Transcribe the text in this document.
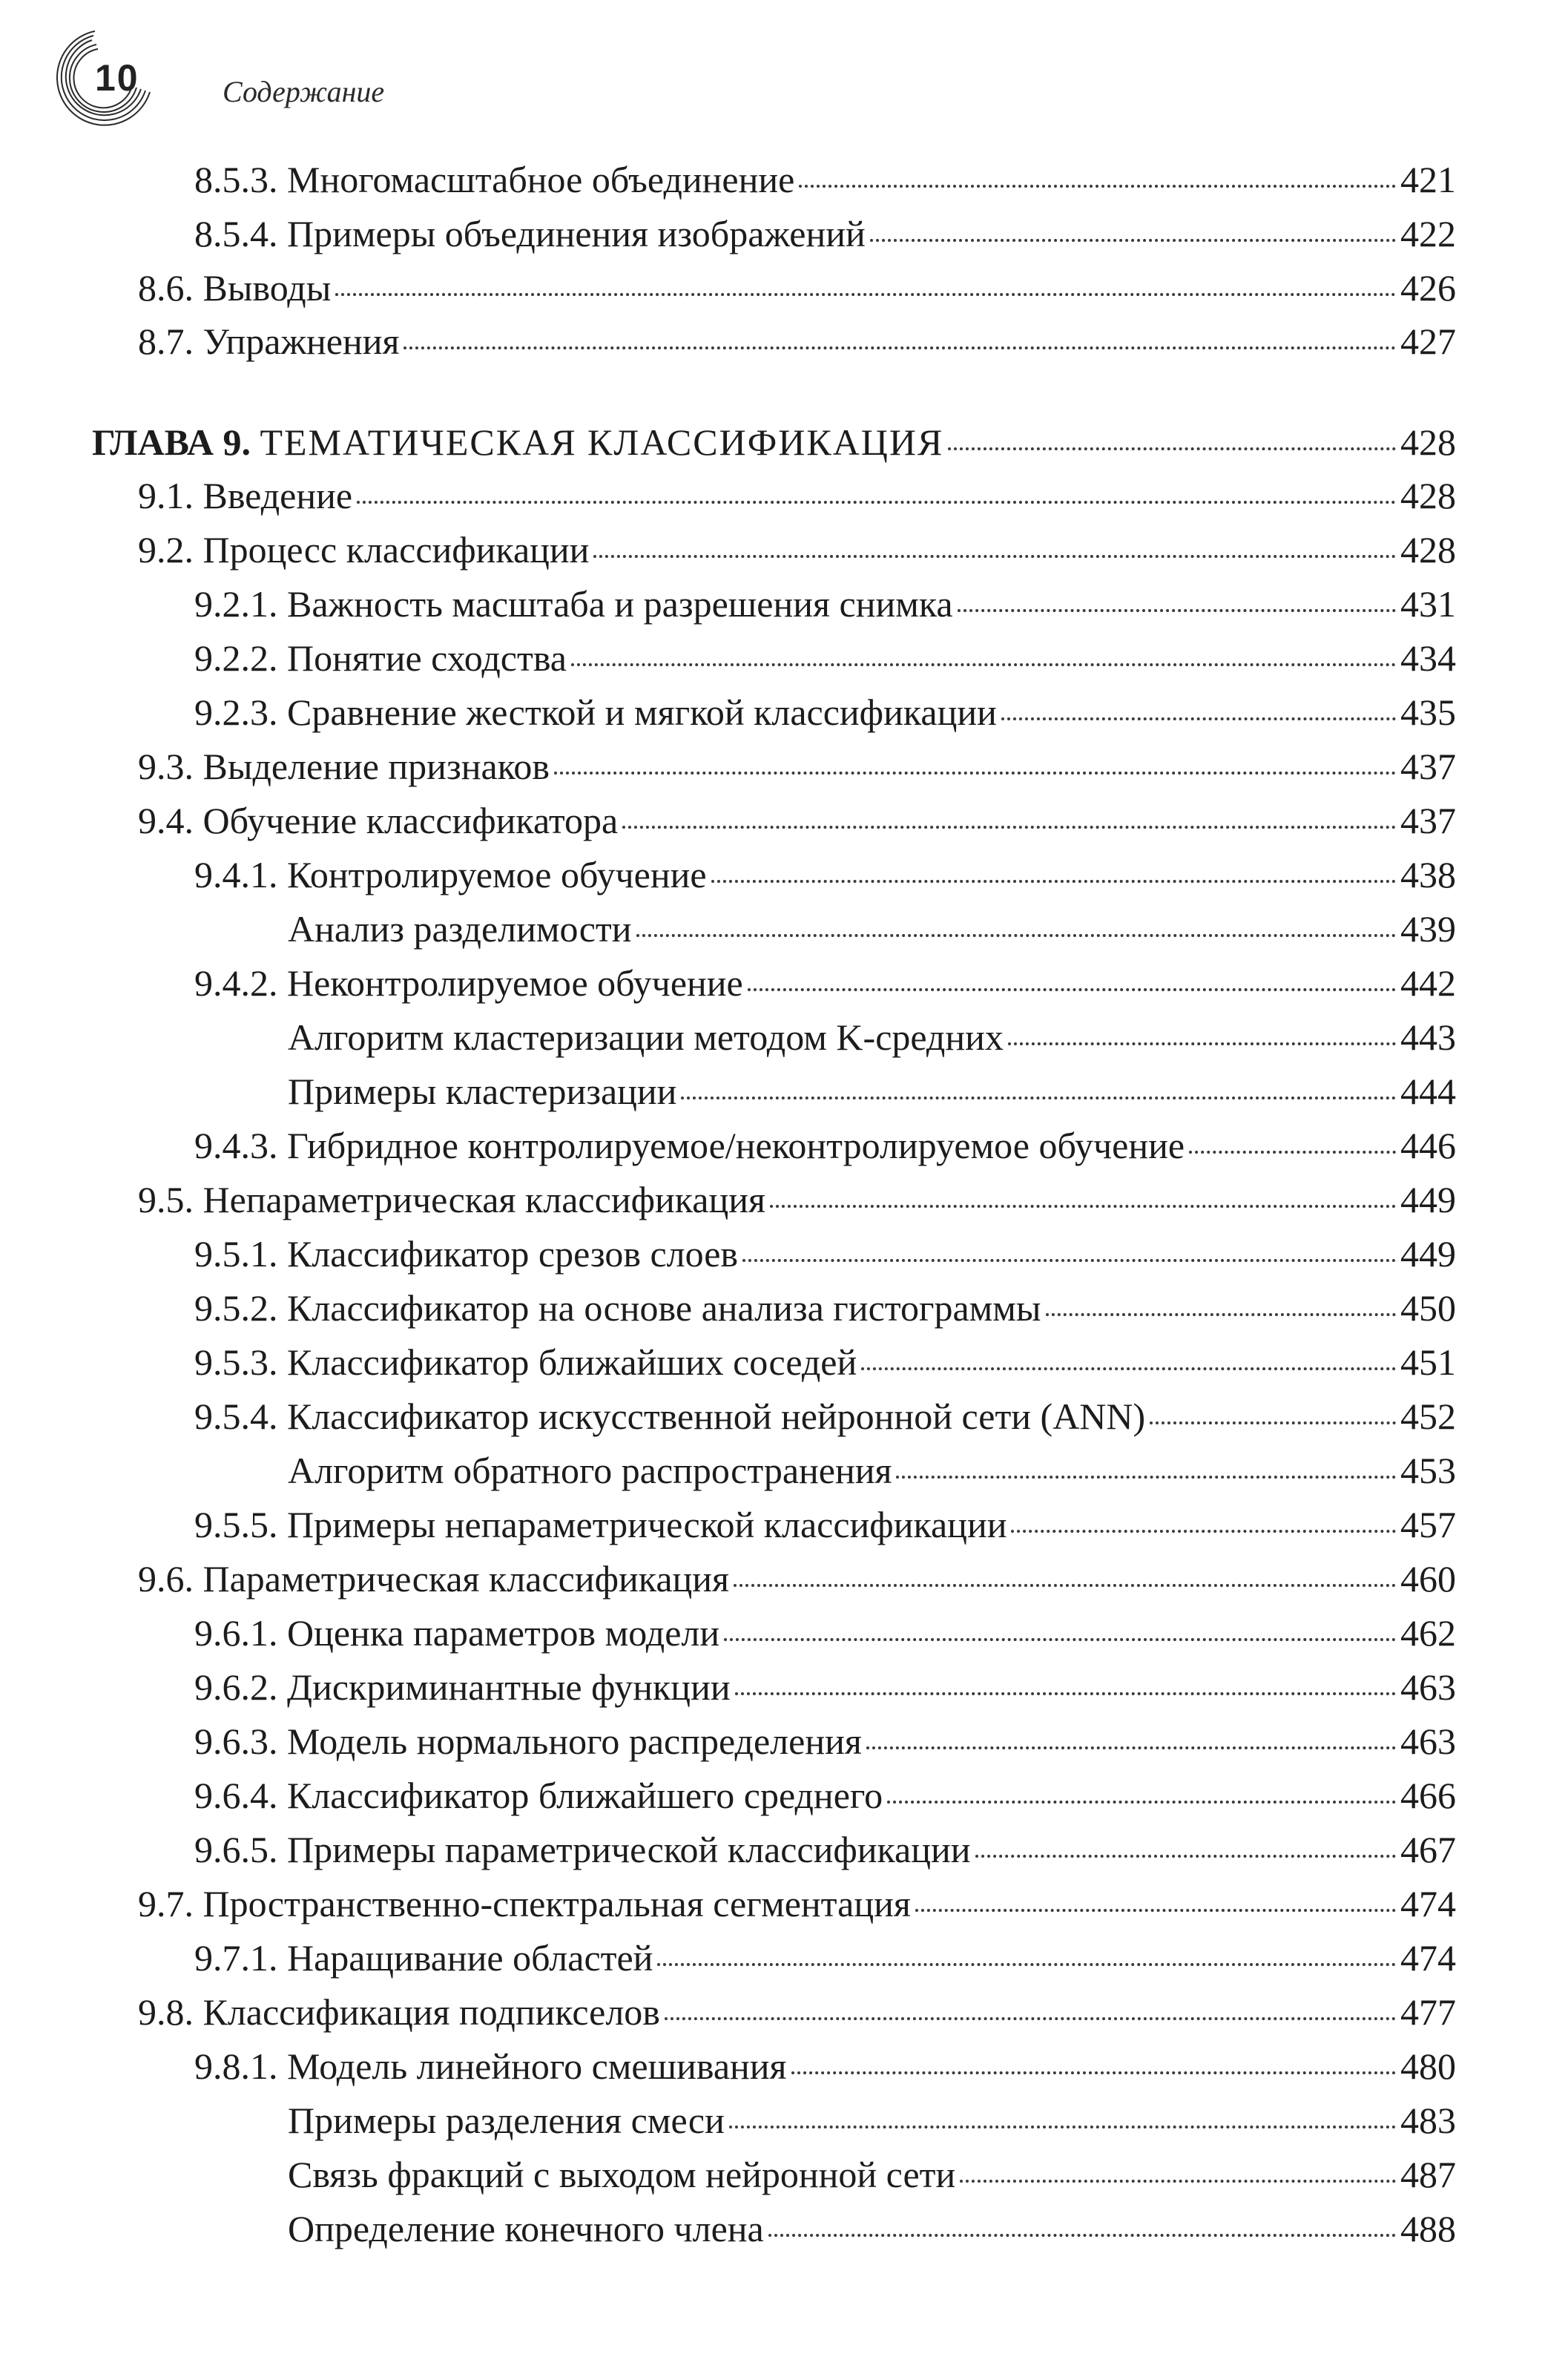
10	Содержание
8.5.3. Многомасштабное объединение	421
8.5.4. Примеры объединения изображений	422
8.6. Выводы	426
8.7. Упражнения	427
ГЛАВА 9. ТЕМАТИЧЕСКАЯ КЛАССИФИКАЦИЯ	428
9.1. Введение	428
9.2. Процесс классификации	428
9.2.1. Важность масштаба и разрешения снимка	431
9.2.2. Понятие сходства	434
9.2.3. Сравнение жесткой и мягкой классификации	435
9.3. Выделение признаков	437
9.4. Обучение классификатора	437
9.4.1. Контролируемое обучение	438
Анализ разделимости	439
9.4.2. Неконтролируемое обучение	442
Алгоритм кластеризации методом K-средних	443
Примеры кластеризации	444
9.4.3. Гибридное контролируемое/неконтролируемое обучение	446
9.5. Непараметрическая классификация	449
9.5.1. Классификатор срезов слоев	449
9.5.2. Классификатор на основе анализа гистограммы	450
9.5.3. Классификатор ближайших соседей	451
9.5.4. Классификатор искусственной нейронной сети (ANN)	452
Алгоритм обратного распространения	453
9.5.5. Примеры непараметрической классификации	457
9.6. Параметрическая классификация	460
9.6.1. Оценка параметров модели	462
9.6.2. Дискриминантные функции	463
9.6.3. Модель нормального распределения	463
9.6.4. Классификатор ближайшего среднего	466
9.6.5. Примеры параметрической классификации	467
9.7. Пространственно-спектральная сегментация	474
9.7.1. Наращивание областей	474
9.8. Классификация подпикселов	477
9.8.1. Модель линейного смешивания	480
Примеры разделения смеси	483
Связь фракций с выходом нейронной сети	487
Определение конечного члена	488
